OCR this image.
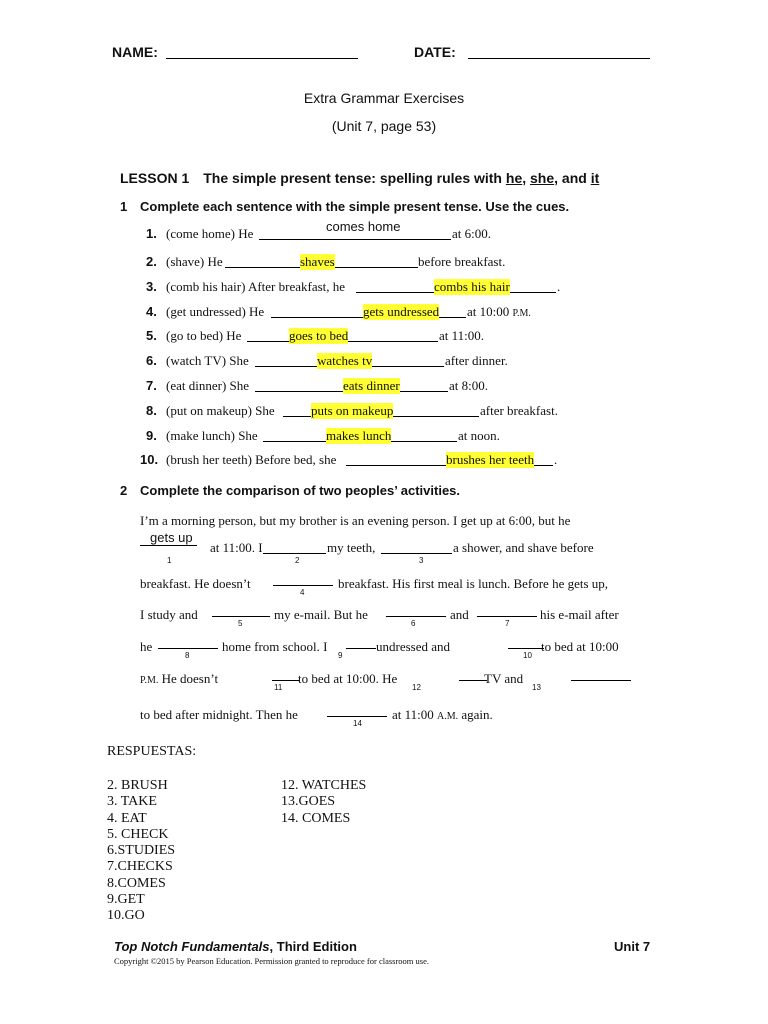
NAME:	DATE:
Extra Grammar Exercises
(Unit 7, page 53)
LESSON 1 The simple present tense: spelling rules with he, she, and it
1 Complete each sentence with the simple present tense. Use the cues.
1. (come home) He	comes home	at 6:00.
2. (shave) He	shaves	before breakfast.
3. (comb his hair) After breakfast, he	combs his hair	.
4. (get undressed) He	gets undressed at 10:00 P.M.
5. (go to bed) He	goes to bed	at 11:00.
6. (watch TV) She	watches tv	after dinner.
7. (eat dinner) She	eats dinner	at 8:00.
8. (put on makeup) She	puts on makeup	after breakfast.
9. (make lunch) She	makes lunch	at noon.
10. (brush her teeth) Before bed, she	brushes her teeth .
2 Complete the comparison of two peoples’ activities.
I’m a morning person, but my brother is an evening person. I get up at 6:00, but he
gets up
1
at 11:00. I
2
my teeth,
3
a shower, and shave before
breakfast. He doesn’t
4
breakfast. His first meal is lunch. Before he gets up,
I study and
5
my e-mail. But he
6
and
7
his e-mail after
he
8
home from school. I
9
undressed and
10
to bed at 10:00
P.M. He doesn’t
11
to bed at 10:00. He
12
TV and
13
to bed after midnight. Then he
14
at 11:00 A.M. again.
RESPUESTAS:
2. BRUSH
3. TAKE
4. EAT
5. CHECK
6.STUDIES
7.CHECKS
8.COMES
9.GET
10.GO
12. WATCHES
13.GOES
14. COMES
Top Notch Fundamentals, Third Edition	Unit 7
Copyright ©2015 by Pearson Education. Permission granted to reproduce for classroom use.
